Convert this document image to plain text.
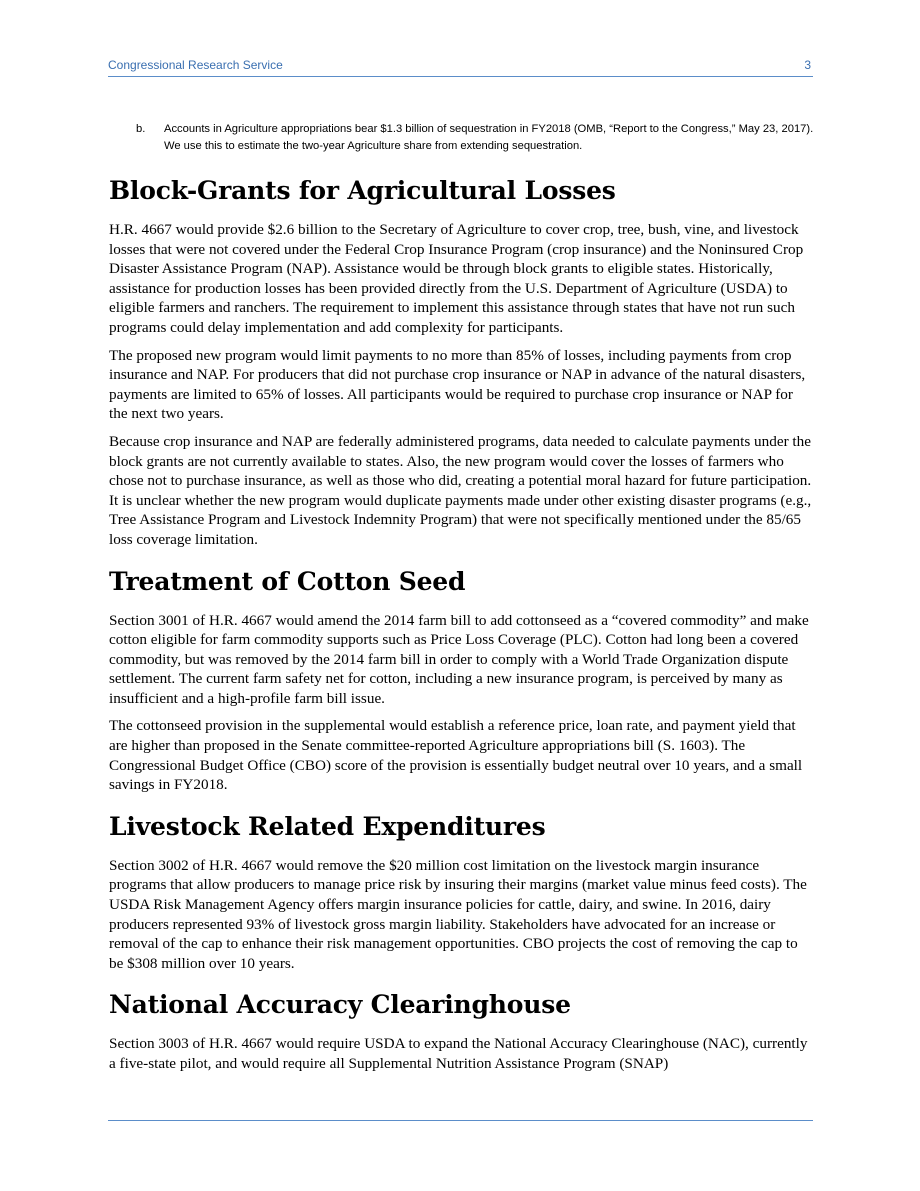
Congressional Research Service	3
b.	Accounts in Agriculture appropriations bear $1.3 billion of sequestration in FY2018 (OMB, “Report to the Congress,” May 23, 2017). We use this to estimate the two-year Agriculture share from extending sequestration.
Block-Grants for Agricultural Losses

H.R. 4667 would provide $2.6 billion to the Secretary of Agriculture to cover crop, tree, bush, vine, and livestock losses that were not covered under the Federal Crop Insurance Program (crop insurance) and the Noninsured Crop Disaster Assistance Program (NAP). Assistance would be through block grants to eligible states. Historically, assistance for production losses has been provided directly from the U.S. Department of Agriculture (USDA) to eligible farmers and ranchers. The requirement to implement this assistance through states that have not run such programs could delay implementation and add complexity for participants.

The proposed new program would limit payments to no more than 85% of losses, including payments from crop insurance and NAP. For producers that did not purchase crop insurance or NAP in advance of the natural disasters, payments are limited to 65% of losses. All participants would be required to purchase crop insurance or NAP for the next two years.

Because crop insurance and NAP are federally administered programs, data needed to calculate payments under the block grants are not currently available to states. Also, the new program would cover the losses of farmers who chose not to purchase insurance, as well as those who did, creating a potential moral hazard for future participation. It is unclear whether the new program would duplicate payments made under other existing disaster programs (e.g., Tree Assistance Program and Livestock Indemnity Program) that were not specifically mentioned under the 85/65 loss coverage limitation.

Treatment of Cotton Seed

Section 3001 of H.R. 4667 would amend the 2014 farm bill to add cottonseed as a “covered commodity” and make cotton eligible for farm commodity supports such as Price Loss Coverage (PLC). Cotton had long been a covered commodity, but was removed by the 2014 farm bill in order to comply with a World Trade Organization dispute settlement. The current farm safety net for cotton, including a new insurance program, is perceived by many as insufficient and a high-profile farm bill issue.

The cottonseed provision in the supplemental would establish a reference price, loan rate, and payment yield that are higher than proposed in the Senate committee-reported Agriculture appropriations bill (S. 1603). The Congressional Budget Office (CBO) score of the provision is essentially budget neutral over 10 years, and a small savings in FY2018.

Livestock Related Expenditures

Section 3002 of H.R. 4667 would remove the $20 million cost limitation on the livestock margin insurance programs that allow producers to manage price risk by insuring their margins (market value minus feed costs). The USDA Risk Management Agency offers margin insurance policies for cattle, dairy, and swine. In 2016, dairy producers represented 93% of livestock gross margin liability. Stakeholders have advocated for an increase or removal of the cap to enhance their risk management opportunities. CBO projects the cost of removing the cap to be $308 million over 10 years.

National Accuracy Clearinghouse

Section 3003 of H.R. 4667 would require USDA to expand the National Accuracy Clearinghouse (NAC), currently a five-state pilot, and would require all Supplemental Nutrition Assistance Program (SNAP)
